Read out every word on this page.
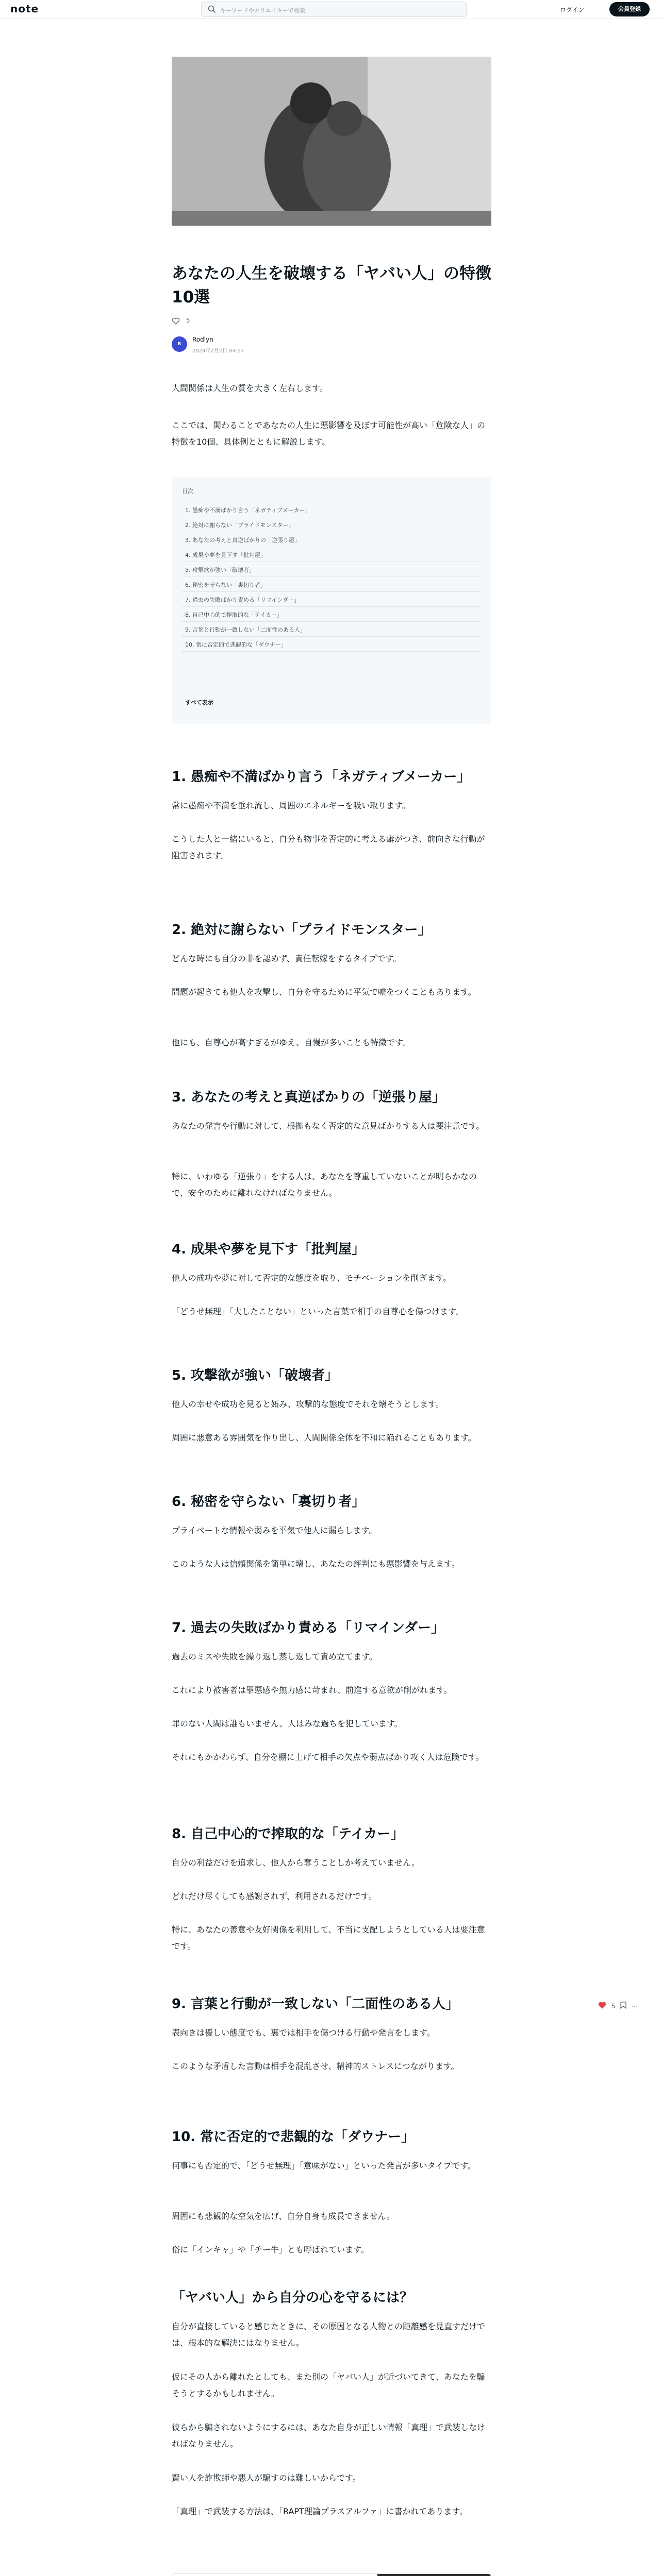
note	キーワードやクリエイターで検索	ログイン	会員登録
あなたの人生を破壊する「ヤバい人」の特徴10選
5
R
Rodlyn
2024年2月2日 04:57
人間関係は人生の質を大きく左右します。
ここでは、関わることであなたの人生に悪影響を及ぼす可能性が高い「危険な人」の特徴を10個、具体例とともに解説します。
目次
1. 愚痴や不満ばかり言う「ネガティブメーカー」
2. 絶対に謝らない「プライドモンスター」
3. あなたの考えと真逆ばかりの「逆張り屋」
4. 成果や夢を見下す「批判屋」
5. 攻撃欲が強い「破壊者」
6. 秘密を守らない「裏切り者」
7. 過去の失敗ばかり責める「リマインダー」
8. 自己中心的で搾取的な「テイカー」
9. 言葉と行動が一致しない「二面性のある人」
10. 常に否定的で悲観的な「ダウナー」
すべて表示
1. 愚痴や不満ばかり言う「ネガティブメーカー」
常に愚痴や不満を垂れ流し、周囲のエネルギーを吸い取ります。
こうした人と一緒にいると、自分も物事を否定的に考える癖がつき、前向きな行動が阻害されます。
2. 絶対に謝らない「プライドモンスター」
どんな時にも自分の非を認めず、責任転嫁をするタイプです。
問題が起きても他人を攻撃し、自分を守るために平気で嘘をつくこともあります。
他にも、自尊心が高すぎるがゆえ、自慢が多いことも特徴です。
3. あなたの考えと真逆ばかりの「逆張り屋」
あなたの発言や行動に対して、根拠もなく否定的な意見ばかりする人は要注意です。
特に、いわゆる「逆張り」をする人は、あなたを尊重していないことが明らかなので、安全のために離れなければなりません。
4. 成果や夢を見下す「批判屋」
他人の成功や夢に対して否定的な態度を取り、モチベーションを削ぎます。
「どうせ無理」「大したことない」といった言葉で相手の自尊心を傷つけます。
5. 攻撃欲が強い「破壊者」
他人の幸せや成功を見ると妬み、攻撃的な態度でそれを壊そうとします。
周囲に悪意ある雰囲気を作り出し、人間関係全体を不和に陥れることもあります。
6. 秘密を守らない「裏切り者」
プライベートな情報や弱みを平気で他人に漏らします。
このような人は信頼関係を簡単に壊し、あなたの評判にも悪影響を与えます。
7. 過去の失敗ばかり責める「リマインダー」
過去のミスや失敗を繰り返し蒸し返して責め立てます。
これにより被害者は罪悪感や無力感に苛まれ、前進する意欲が削がれます。
罪のない人間は誰もいません。人はみな過ちを犯しています。
それにもかかわらず、自分を棚に上げて相手の欠点や弱点ばかり攻く人は危険です。
8. 自己中心的で搾取的な「テイカー」
自分の利益だけを追求し、他人から奪うことしか考えていません。
どれだけ尽くしても感謝されず、利用されるだけです。
特に、あなたの善意や友好関係を利用して、不当に支配しようとしている人は要注意です。
9. 言葉と行動が一致しない「二面性のある人」
表向きは優しい態度でも、裏では相手を傷つける行動や発言をします。
このような矛盾した言動は相手を混乱させ、精神的ストレスにつながります。
10. 常に否定的で悲観的な「ダウナー」
何事にも否定的で、「どうせ無理」「意味がない」といった発言が多いタイプです。
周囲にも悲観的な空気を広げ、自分自身も成長できません。
俗に「インキャ」や「チー牛」とも呼ばれています。
「ヤバい人」から自分の心を守るには？
自分が直接していると感じたときに、その原因となる人物との距離感を見直すだけでは、根本的な解決にはなりません。
仮にその人から離れたとしても、また別の「ヤバい人」が近づいてきて、あなたを騙そうとするかもしれません。
彼らから騙されないようにするには、あなた自身が正しい情報「真理」で武装しなければなりません。
賢い人を詐欺師や悪人が騙すのは難しいからです。
「真理」で武装する方法は、「RAPT理論プラスアルファ」に書かれてあります。
5	⋯
